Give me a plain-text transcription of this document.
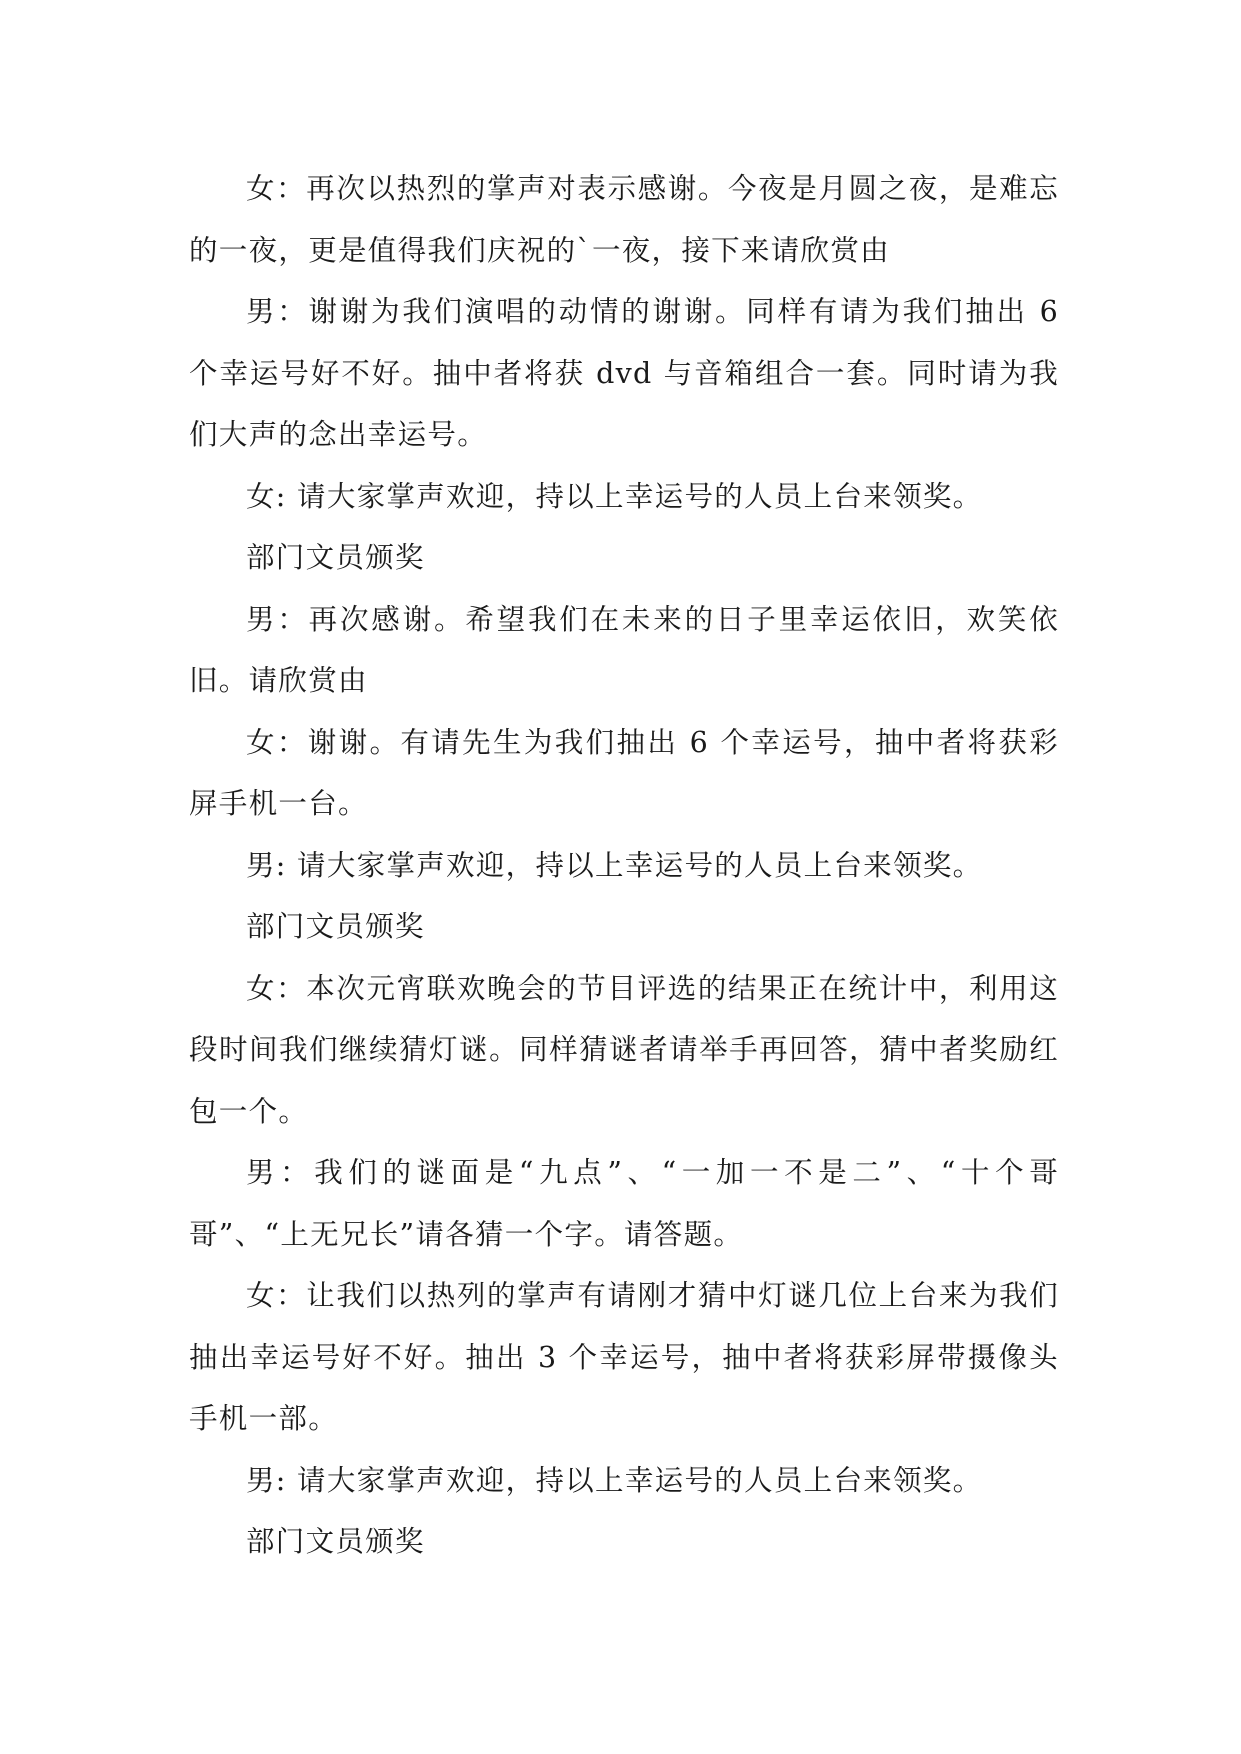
女：再次以热烈的掌声对表示感谢。今夜是月圆之夜，是难忘的一夜，更是值得我们庆祝的`一夜，接下来请欣赏由

男：谢谢为我们演唱的动情的谢谢。同样有请为我们抽出 6 个幸运号好不好。抽中者将获 dvd 与音箱组合一套。同时请为我们大声的念出幸运号。

女: 请大家掌声欢迎，持以上幸运号的人员上台来领奖。

部门文员颁奖

男：再次感谢。希望我们在未来的日子里幸运依旧，欢笑依旧。请欣赏由

女：谢谢。有请先生为我们抽出 6 个幸运号，抽中者将获彩屏手机一台。

男: 请大家掌声欢迎，持以上幸运号的人员上台来领奖。

部门文员颁奖

女：本次元宵联欢晚会的节目评选的结果正在统计中，利用这段时间我们继续猜灯谜。同样猜谜者请举手再回答，猜中者奖励红包一个。

男：我们的谜面是“九点”、“一加一不是二”、“十个哥哥”、“上无兄长”请各猜一个字。请答题。

女：让我们以热列的掌声有请刚才猜中灯谜几位上台来为我们抽出幸运号好不好。抽出 3 个幸运号，抽中者将获彩屏带摄像头手机一部。

男: 请大家掌声欢迎，持以上幸运号的人员上台来领奖。

部门文员颁奖
